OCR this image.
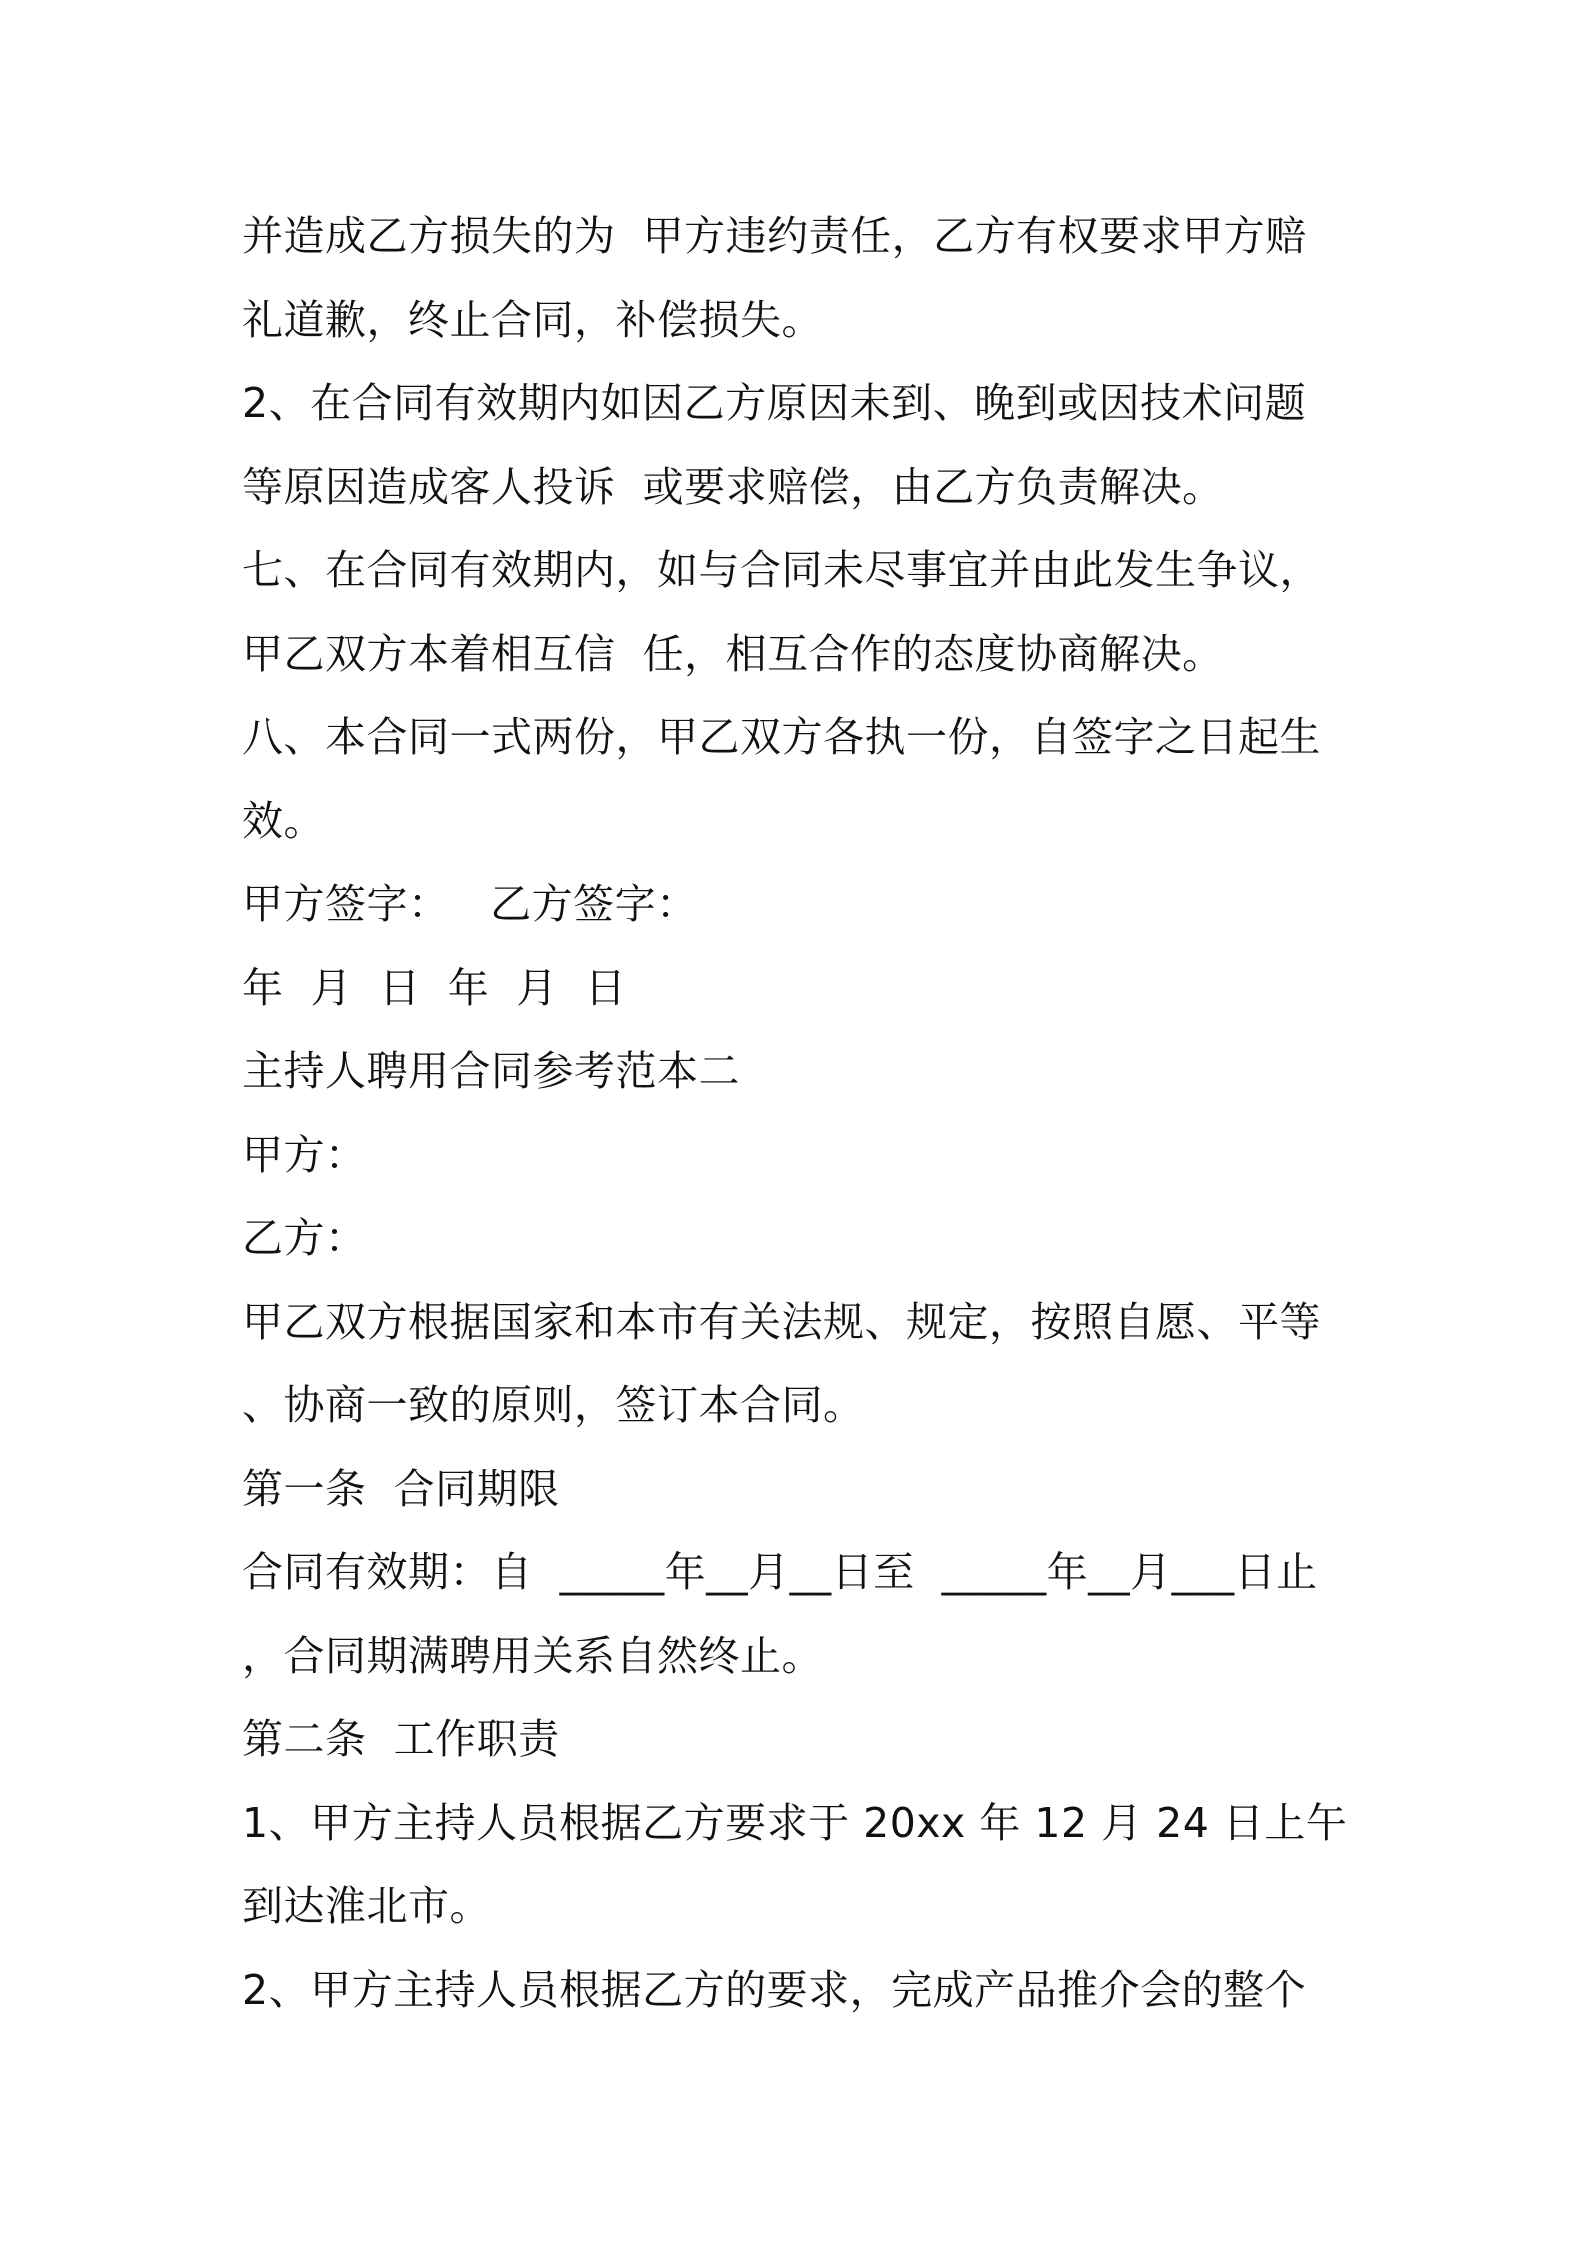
并造成乙方损失的为  甲方违约责任，乙方有权要求甲方赔
礼道歉，终止合同，补偿损失。
2、在合同有效期内如因乙方原因未到、晚到或因技术问题
等原因造成客人投诉  或要求赔偿，由乙方负责解决。
七、在合同有效期内，如与合同未尽事宜并由此发生争议，
甲乙双方本着相互信  任，相互合作的态度协商解决。
八、本合同一式两份，甲乙双方各执一份，自签字之日起生
效。
甲方签字：   乙方签字：
年  月  日  年  月  日
主持人聘用合同参考范本二
甲方：
乙方：
甲乙双方根据国家和本市有关法规、规定，按照自愿、平等
、协商一致的原则，签订本合同。
第一条  合同期限
合同有效期：自  _____年__月__日至  _____年__月___日止
，合同期满聘用关系自然终止。
第二条  工作职责
1、甲方主持人员根据乙方要求于 20xx 年 12 月 24 日上午
到达淮北市。
2、甲方主持人员根据乙方的要求，完成产品推介会的整个
